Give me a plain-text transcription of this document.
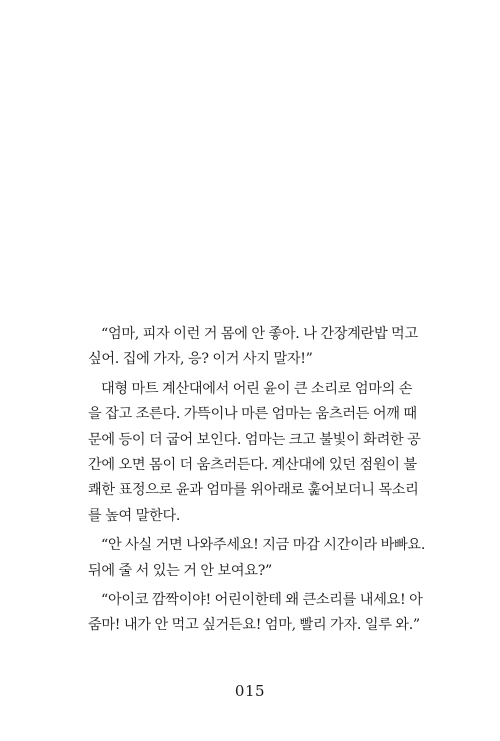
“엄마, 피자 이런 거 몸에 안 좋아. 나 간장계란밥 먹고
싶어. 집에 가자, 응? 이거 사지 말자!”
대형 마트 계산대에서 어린 윤이 큰 소리로 엄마의 손
을 잡고 조른다. 가뜩이나 마른 엄마는 움츠러든 어깨 때
문에 등이 더 굽어 보인다. 엄마는 크고 불빛이 화려한 공
간에 오면 몸이 더 움츠러든다. 계산대에 있던 점원이 불
쾌한 표정으로 윤과 엄마를 위아래로 훑어보더니 목소리
를 높여 말한다.
“안 사실 거면 나와주세요! 지금 마감 시간이라 바빠요.
뒤에 줄 서 있는 거 안 보여요?”
“아이코 깜짝이야! 어린이한테 왜 큰소리를 내세요! 아
줌마! 내가 안 먹고 싶거든요! 엄마, 빨리 가자. 일루 와.”
015
